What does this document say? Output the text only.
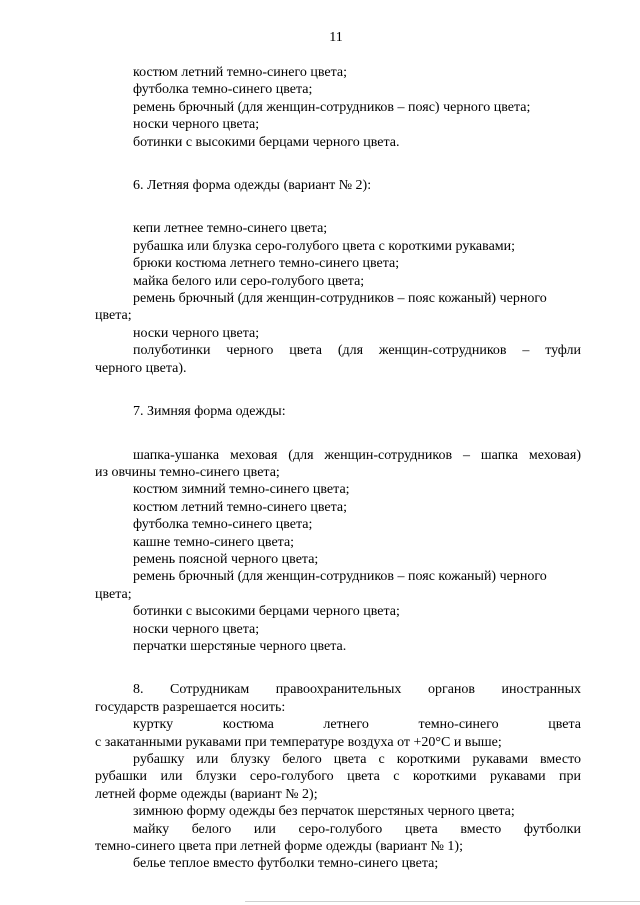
11
костюм летний темно-синего цвета;
футболка темно-синего цвета;
ремень брючный (для женщин-сотрудников – пояс) черного цвета;
носки черного цвета;
ботинки с высокими берцами черного цвета.
6. Летняя форма одежды (вариант № 2):
кепи летнее темно-синего цвета;
рубашка или блузка серо-голубого цвета с короткими рукавами;
брюки костюма летнего темно-синего цвета;
майка белого или серо-голубого цвета;
ремень брючный (для женщин-сотрудников – пояс кожаный) черного
цвета;
носки черного цвета;
полуботинки черного цвета (для женщин-сотрудников – туфли
черного цвета).
7. Зимняя форма одежды:
шапка-ушанка меховая (для женщин-сотрудников – шапка меховая)
из овчины темно-синего цвета;
костюм зимний темно-синего цвета;
костюм летний темно-синего цвета;
футболка темно-синего цвета;
кашне темно-синего цвета;
ремень поясной черного цвета;
ремень брючный (для женщин-сотрудников – пояс кожаный) черного
цвета;
ботинки с высокими берцами черного цвета;
носки черного цвета;
перчатки шерстяные черного цвета.
8. Сотрудникам правоохранительных органов иностранных
государств разрешается носить:
куртку костюма летнего темно-синего цвета
с закатанными рукавами при температуре воздуха от +20°С и выше;
рубашку или блузку белого цвета с короткими рукавами вместо
рубашки или блузки серо-голубого цвета с короткими рукавами при
летней форме одежды (вариант № 2);
зимнюю форму одежды без перчаток шерстяных черного цвета;
майку белого или серо-голубого цвета вместо футболки
темно-синего цвета при летней форме одежды (вариант № 1);
белье теплое вместо футболки темно-синего цвета;
